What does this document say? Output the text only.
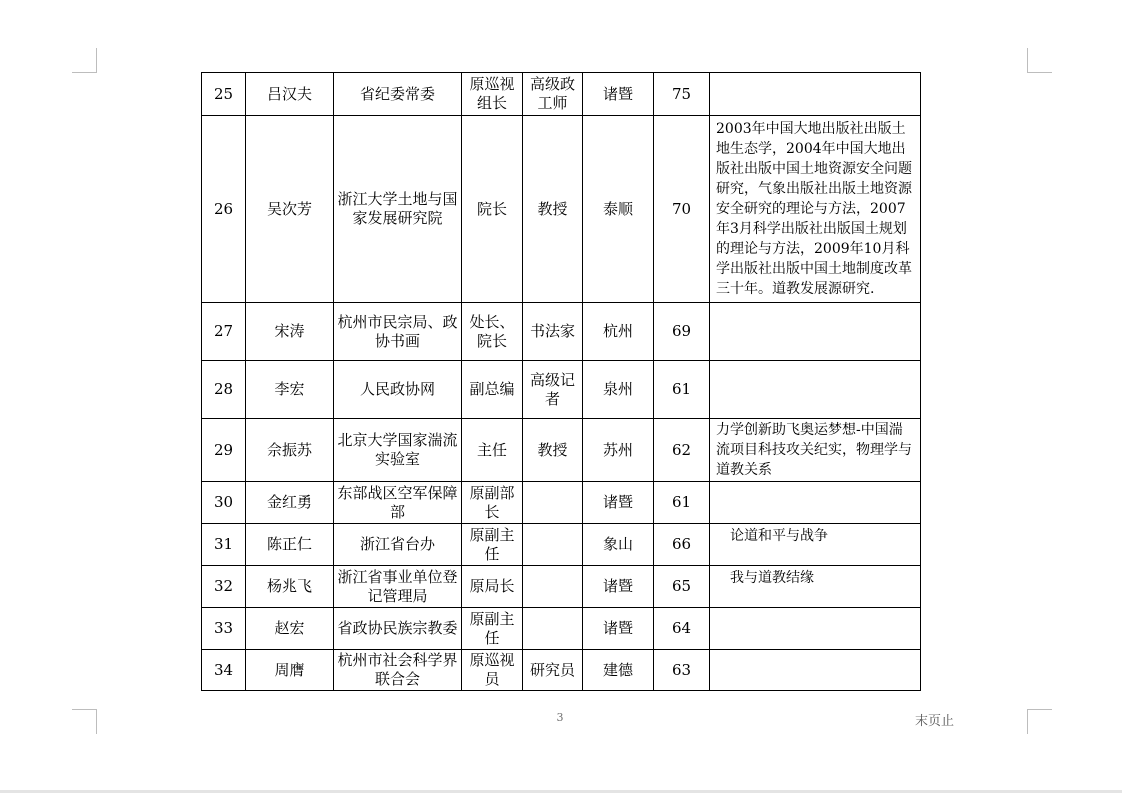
25	吕汉夫	省纪委常委	原巡视组长	高级政工师	诸暨	75	
26	吴次芳	浙江大学土地与国家发展研究院	院长	教授	泰顺	70	2003年中国大地出版社出版土地生态学，2004年中国大地出版社出版中国土地资源安全问题研究，气象出版社出版土地资源安全研究的理论与方法，2007年3月科学出版社出版国土规划的理论与方法，2009年10月科学出版社出版中国土地制度改革三十年。道教发展源研究.
27	宋涛	杭州市民宗局、政协书画	处长、院长	书法家	杭州	69	
28	李宏	人民政协网	副总编	高级记者	泉州	61	
29	佘振苏	北京大学国家湍流实验室	主任	教授	苏州	62	力学创新助飞奥运梦想-中国湍流项目科技攻关纪实，物理学与道教关系
30	金红勇	东部战区空军保障部	原副部长		诸暨	61	
31	陈正仁	浙江省台办	原副主任		象山	66	论道和平与战争
32	杨兆飞	浙江省事业单位登记管理局	原局长		诸暨	65	我与道教结缘
33	赵宏	省政协民族宗教委	原副主任		诸暨	64	
34	周膺	杭州市社会科学界联合会	原巡视员	研究员	建德	63	
3	末页止
